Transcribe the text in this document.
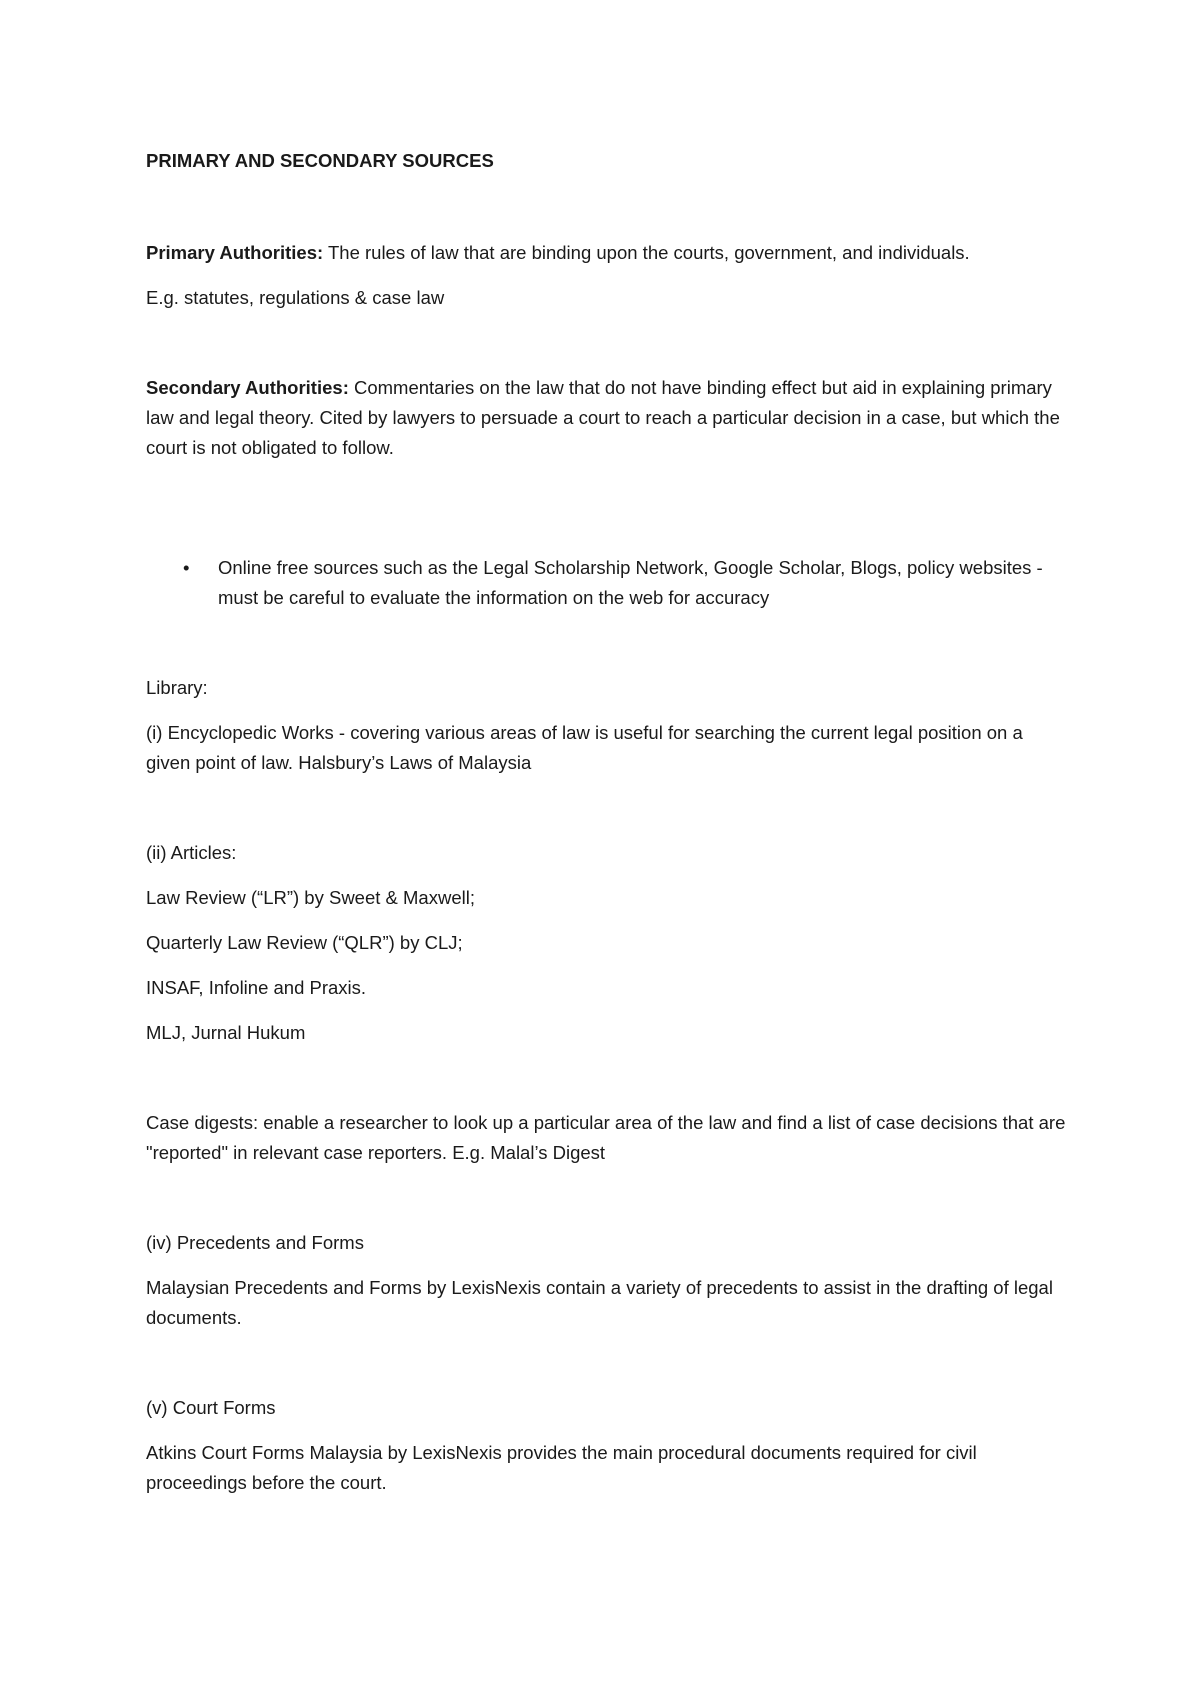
PRIMARY AND SECONDARY SOURCES

Primary Authorities: The rules of law that are binding upon the courts, government, and individuals.

E.g. statutes, regulations & case law

Secondary Authorities: Commentaries on the law that do not have binding effect but aid in explaining primary law and legal theory. Cited by lawyers to persuade a court to reach a particular decision in a case, but which the court is not obligated to follow.

• Online free sources such as the Legal Scholarship Network, Google Scholar, Blogs, policy websites - must be careful to evaluate the information on the web for accuracy

Library:

(i) Encyclopedic Works - covering various areas of law is useful for searching the current legal position on a given point of law. Halsbury’s Laws of Malaysia

(ii) Articles:

Law Review (“LR”) by Sweet & Maxwell;

Quarterly Law Review (“QLR”) by CLJ;

INSAF, Infoline and Praxis.

MLJ, Jurnal Hukum

Case digests: enable a researcher to look up a particular area of the law and find a list of case decisions that are "reported" in relevant case reporters. E.g. Malal’s Digest

(iv) Precedents and Forms

Malaysian Precedents and Forms by LexisNexis contain a variety of precedents to assist in the drafting of legal documents.

(v) Court Forms

Atkins Court Forms Malaysia by LexisNexis provides the main procedural documents required for civil proceedings before the court.
